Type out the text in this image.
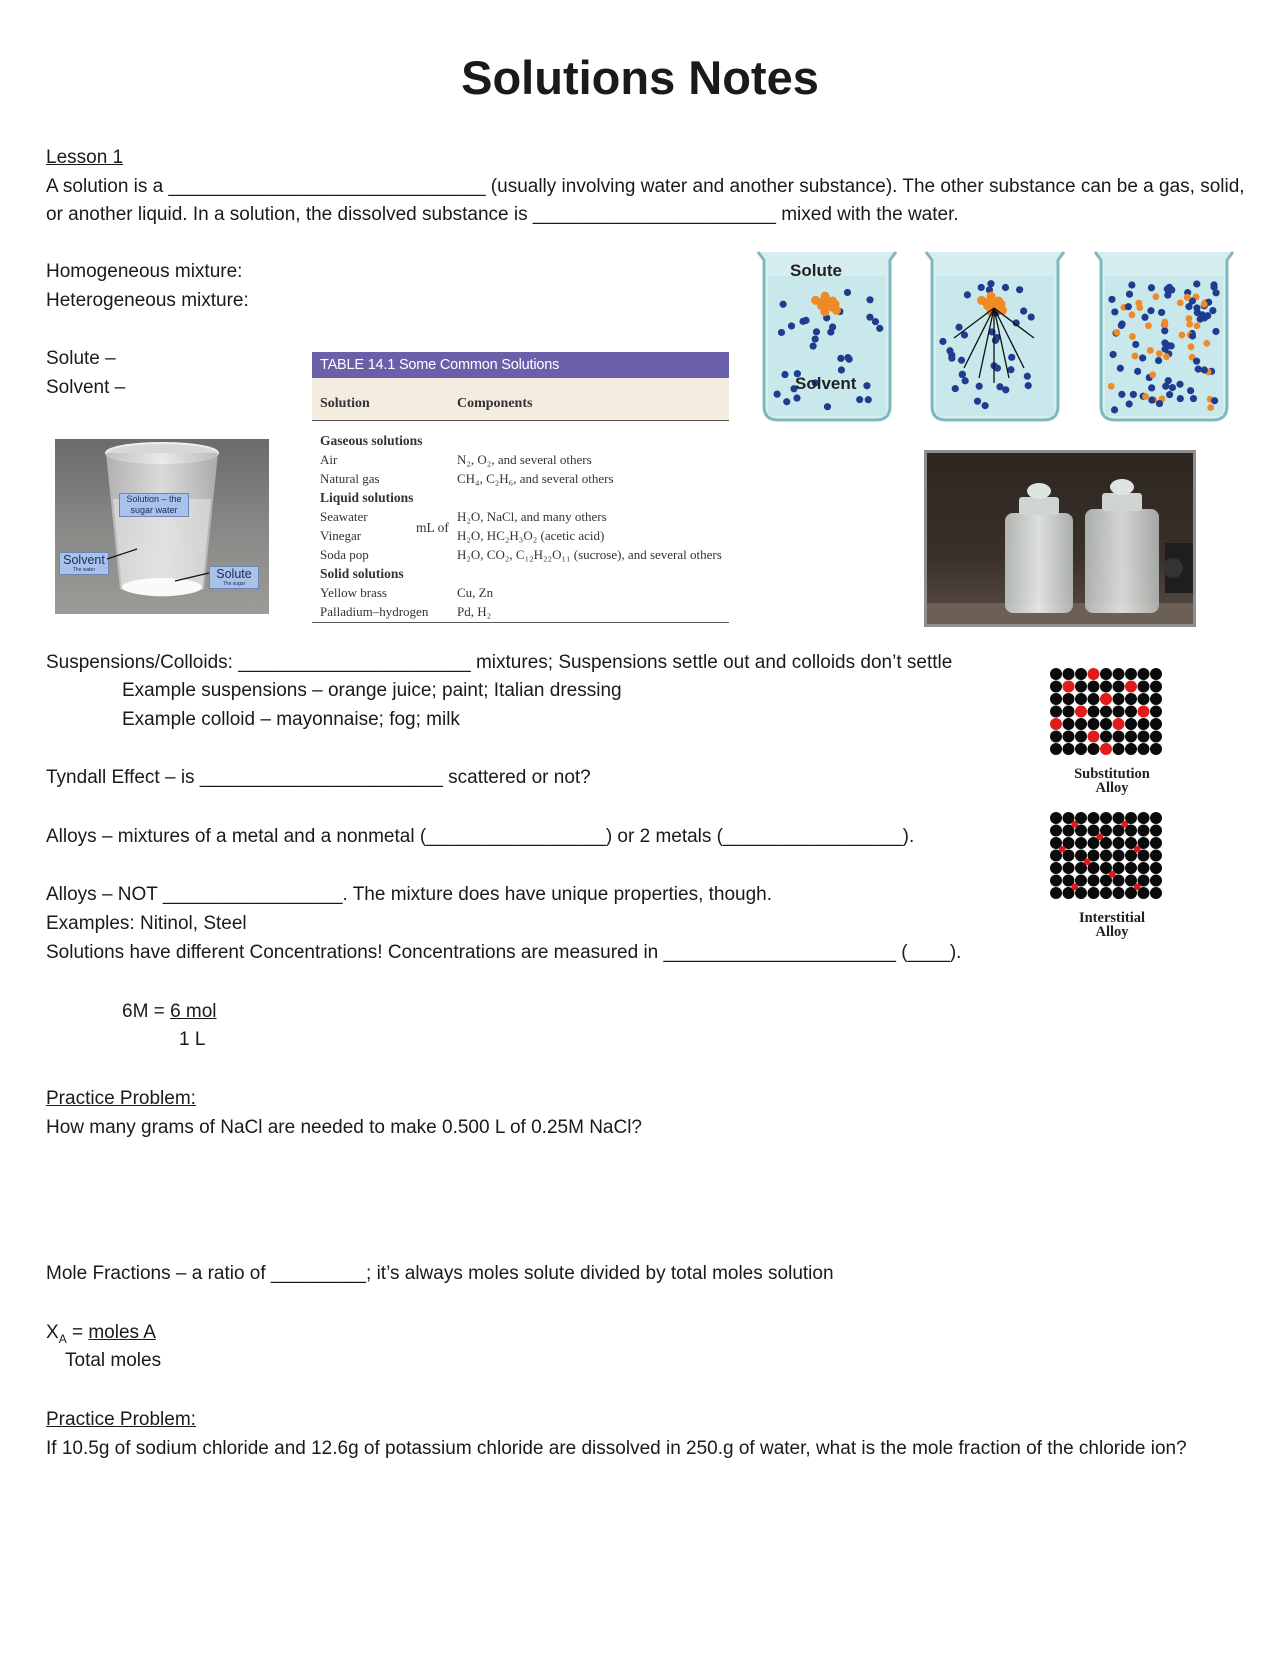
Solutions Notes
Lesson 1
A solution is a ______________________________ (usually involving water and another substance). The other substance can be a gas, solid,
or another liquid. In a solution, the dissolved substance is _______________________ mixed with the water.
Homogeneous mixture:
Heterogeneous mixture:
Solute –
Solvent –
Solution – the sugar water
Solvent
The water	Solute
The sugar
TABLE 14.1 Some Common Solutions
Solution	Components
Gaseous solutions
Air	N₂, O₂, and several others
Natural gas	CH₄, C₂H₆, and several others
Liquid solutions
Seawater	H₂O, NaCl, and many others
Vinegar	H₂O, HC₂H₃O₂ (acetic acid)
Soda pop	H₂O, CO₂, C₁₂H₂₂O₁₁ (sucrose), and several others
Solid solutions
Yellow brass	Cu, Zn
Palladium–hydrogen Pd, H₂
mL of
Solute
Solvent
Suspensions/Colloids: ______________________ mixtures; Suspensions settle out and colloids don’t settle
Example suspensions – orange juice; paint; Italian dressing
Example colloid – mayonnaise; fog; milk
Tyndall Effect – is _______________________ scattered or not?
Alloys – mixtures of a metal and a nonmetal (_________________) or 2 metals (_________________).
Alloys – NOT _________________. The mixture does have unique properties, though.
Examples: Nitinol, Steel
Solutions have different Concentrations! Concentrations are measured in ______________________ (____).
Substitution
Alloy
Interstitial
Alloy
6M = 6 mol
1 L
Practice Problem:
How many grams of NaCl are needed to make 0.500 L of 0.25M NaCl?
Mole Fractions – a ratio of _________; it’s always moles solute divided by total moles solution
$X_A$ = moles A
Total moles
Practice Problem:
If 10.5g of sodium chloride and 12.6g of potassium chloride are dissolved in 250.g of water, what is the mole fraction of the chloride ion?
